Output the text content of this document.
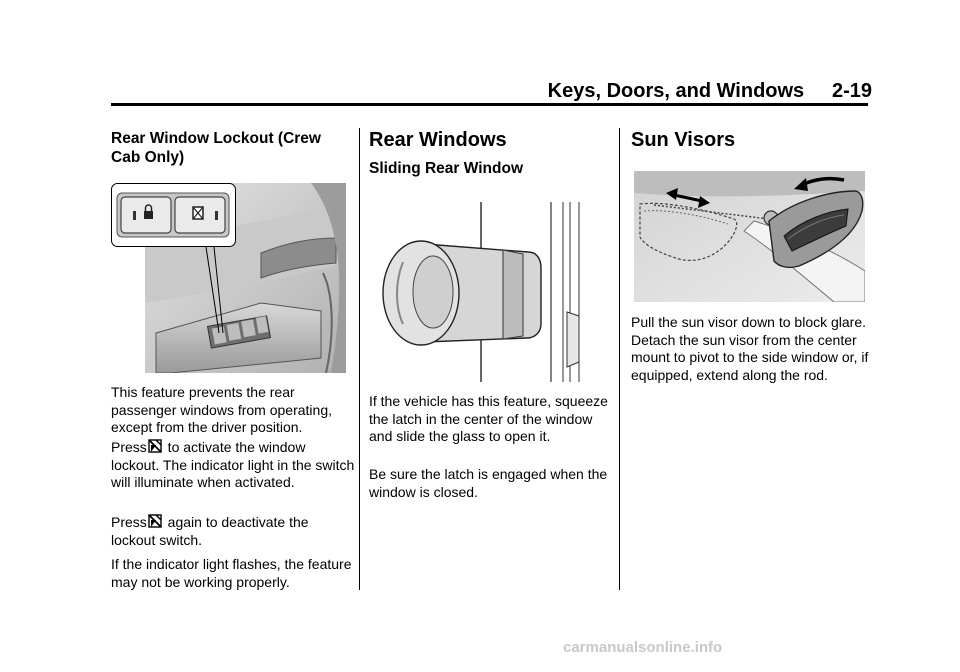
Keys, Doors, and Windows     2-19
Rear Window Lockout (Crew Cab Only)
This feature prevents the rear passenger windows from operating, except from the driver position.
Press to activate the window lockout. The indicator light in the switch will illuminate when activated.
Press again to deactivate the lockout switch.
If the indicator light flashes, the feature may not be working properly.
Rear Windows
Sliding Rear Window
If the vehicle has this feature, squeeze the latch in the center of the window and slide the glass to open it.
Be sure the latch is engaged when the window is closed.
Sun Visors
Pull the sun visor down to block glare. Detach the sun visor from the center mount to pivot to the side window or, if equipped, extend along the rod.
carmanualsonline.info
